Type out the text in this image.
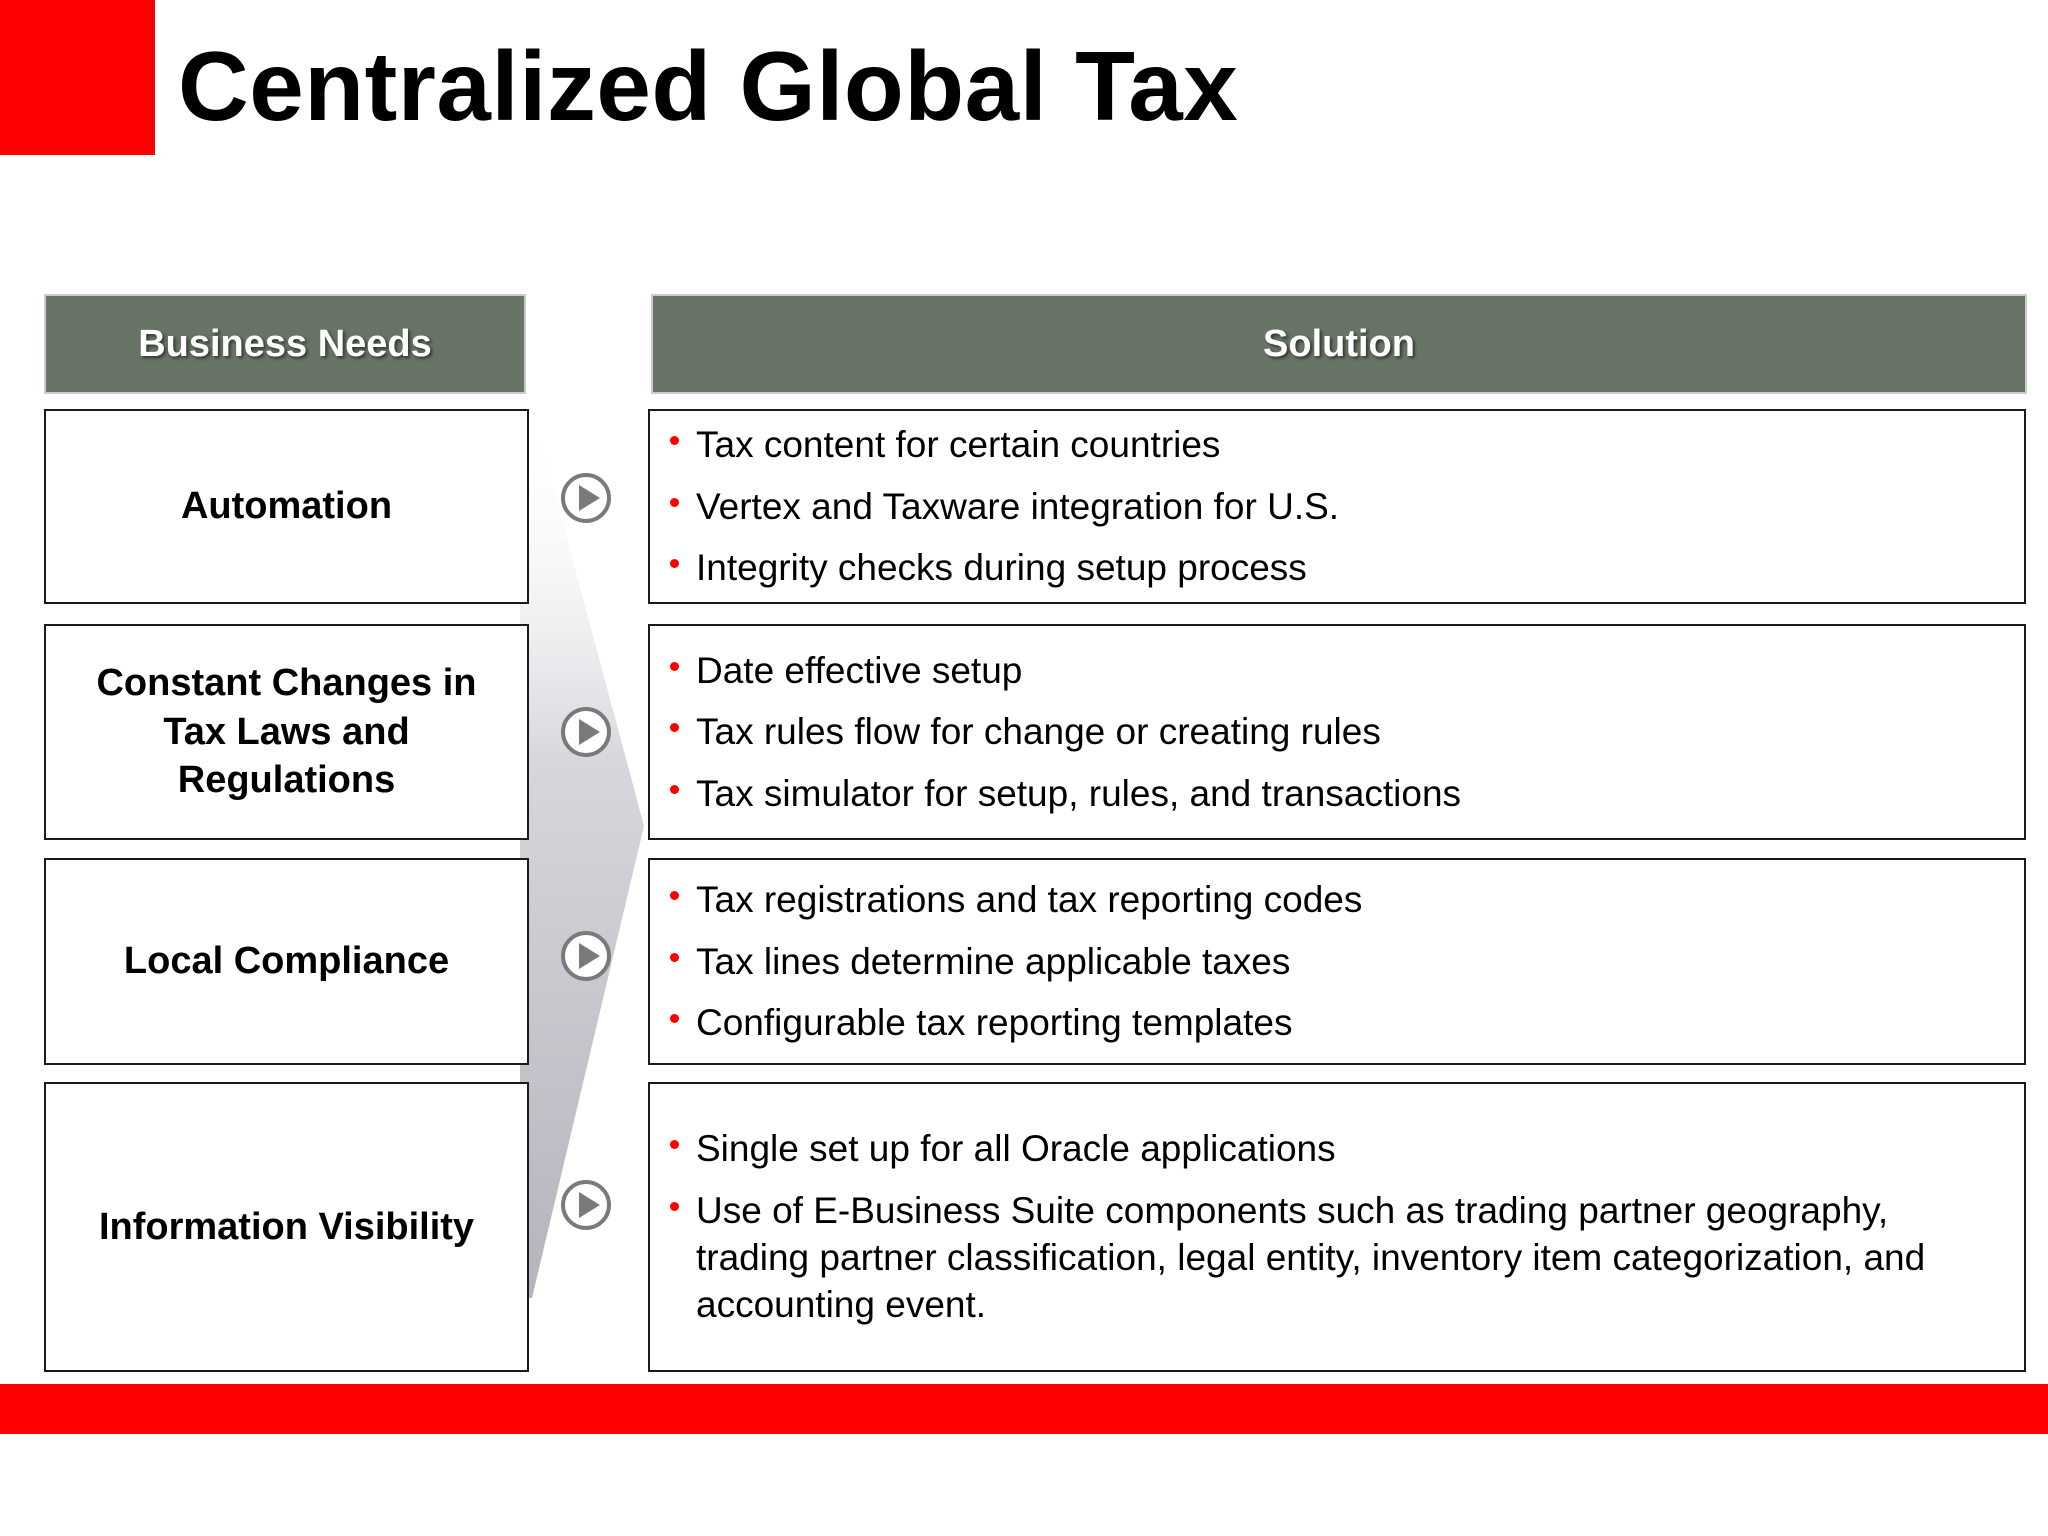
Centralized Global Tax
Business Needs	Solution
Automation
Tax content for certain countries
Vertex and Taxware integration for U.S.
Integrity checks during setup process
Constant Changes in Tax Laws and Regulations
Date effective setup
Tax rules flow for change or creating rules
Tax simulator for setup, rules, and transactions
Local Compliance
Tax registrations and tax reporting codes
Tax lines determine applicable taxes
Configurable tax reporting templates
Information Visibility
Single set up for all Oracle applications
Use of E-Business Suite components such as trading partner geography, trading partner classification, legal entity, inventory item categorization, and accounting event.
